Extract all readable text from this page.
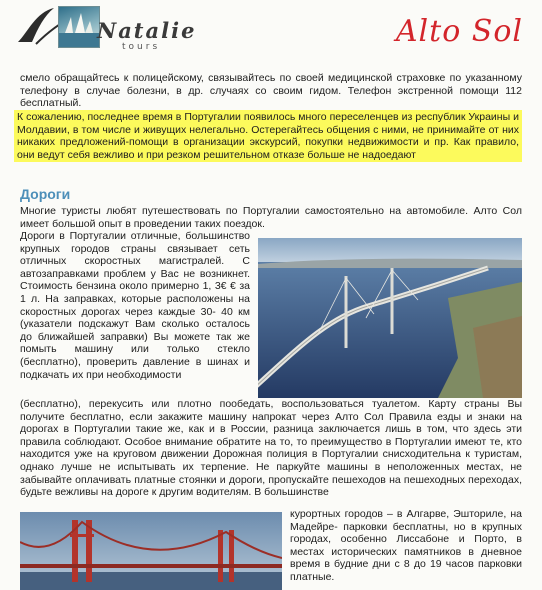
Natalie
tours	Alto Sol
смело обращайтесь к полицейскому, связывайтесь по своей медицинской страховке по указанному телефону в случае болезни, в др. случаях со своим гидом. Телефон экстренной помощи 112 бесплатный.
К сожалению, последнее время в Португалии появилось много переселенцев из республик Украины и Молдавии, в том числе и живущих нелегально. Остерегайтесь общения с ними, не принимайте от них никаких предложений-помощи в организации экскурсий, покупки недвижимости и пр. Как правило, они ведут себя вежливо и при резком решительном отказе больше не надоедают
Дороги
Многие туристы любят путешествовать по Португалии самостоятельно на автомобиле. Алто Сол имеет большой опыт в проведении таких поездок.
Дороги в Португалии отличные, большинство крупных городов страны связывает сеть отличных скоростных магистралей. С автозаправками проблем у Вас не возникнет. Стоимость бензина около примерно 1, 3€ € за 1 л. На заправках, которые расположены на скоростных дорогах через каждые 30- 40 км (указатели подскажут Вам сколько осталось до ближайшей заправки) Вы можете так же помыть машину или только стекло (бесплатно), проверить давление в шинах и подкачать их при необходимости
(бесплатно), перекусить или плотно пообедать, воспользоваться туалетом. Карту страны Вы получите бесплатно, если закажите машину напрокат через Алто Сол Правила езды и знаки на дорогах в Португалии такие же, как и в России, разница заключается лишь в том, что здесь эти правила соблюдают. Особое внимание обратите на то, то преимущество в Португалии имеют те, кто находится уже на круговом движении Дорожная полиция в Португалии снисходительна к туристам, однако лучше не испытывать их терпение. Не паркуйте машины в неположенных местах, не забывайте оплачивать платные стоянки и дороги, пропускайте пешеходов на пешеходных переходах, будьте вежливы на дороге к другим водителям. В большинстве
курортных городов – в Алгарве, Эшториле, на Мадейре- парковки бесплатны, но в крупных городах, особенно Лиссабоне и Порто, в местах исторических памятников в дневное время в будние дни с 8 до 19 часов парковки платные.
